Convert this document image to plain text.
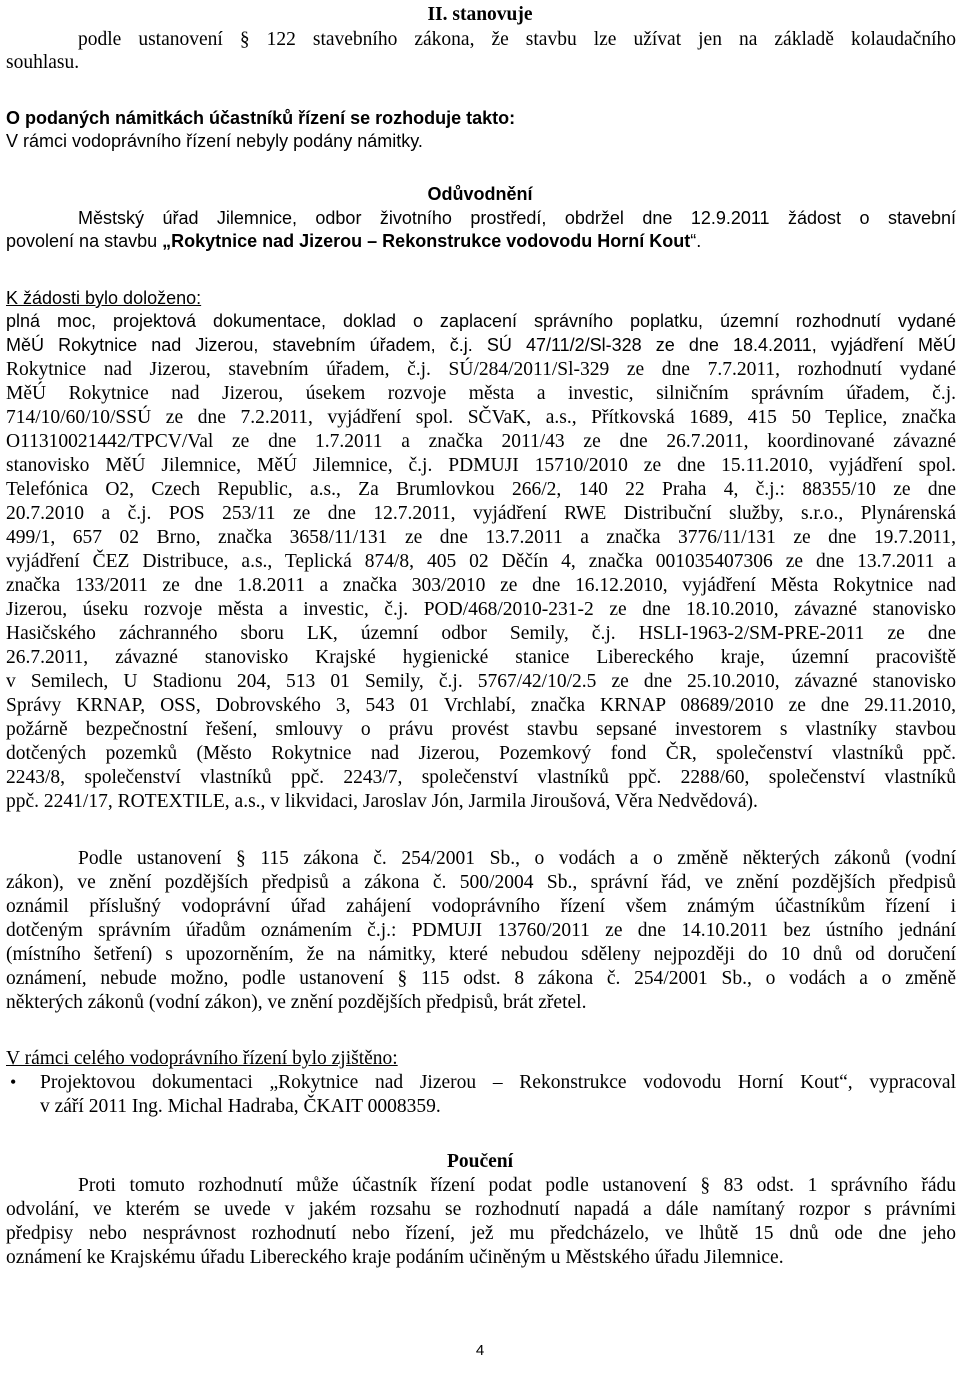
II. stanovuje
podle ustanovení § 122 stavebního zákona, že stavbu lze užívat jen na základě kolaudačního
souhlasu.
O podaných námitkách účastníků řízení se rozhoduje takto:
V rámci vodoprávního řízení nebyly podány námitky.
Odůvodnění
Městský úřad Jilemnice, odbor životního prostředí, obdržel dne 12.9.2011 žádost o stavební
povolení na stavbu „Rokytnice nad Jizerou – Rekonstrukce vodovodu Horní Kout“.
K žádosti bylo doloženo:
plná moc, projektová dokumentace, doklad o zaplacení správního poplatku, územní rozhodnutí vydané
MěÚ Rokytnice nad Jizerou, stavebním úřadem, č.j. SÚ 47/11/2/Sl-328 ze dne 18.4.2011, vyjádření MěÚ
Rokytnice nad Jizerou, stavebním úřadem, č.j. SÚ/284/2011/Sl-329 ze dne 7.7.2011, rozhodnutí vydané
MěÚ Rokytnice nad Jizerou, úsekem rozvoje města a investic, silničním správním úřadem, č.j.
714/10/60/10/SSÚ ze dne 7.2.2011, vyjádření spol. SČVaK, a.s., Přítkovská 1689, 415 50 Teplice, značka
O11310021442/TPCV/Val ze dne 1.7.2011 a značka 2011/43 ze dne 26.7.2011, koordinované závazné
stanovisko MěÚ Jilemnice, MěÚ Jilemnice, č.j. PDMUJI 15710/2010 ze dne 15.11.2010, vyjádření spol.
Telefónica O2, Czech Republic, a.s., Za Brumlovkou 266/2, 140 22 Praha 4, č.j.: 88355/10 ze dne
20.7.2010 a č.j. POS 253/11 ze dne 12.7.2011, vyjádření RWE Distribuční služby, s.r.o., Plynárenská
499/1, 657 02 Brno, značka 3658/11/131 ze dne 13.7.2011 a značka 3776/11/131 ze dne 19.7.2011,
vyjádření ČEZ Distribuce, a.s., Teplická 874/8, 405 02 Děčín 4, značka 001035407306 ze dne 13.7.2011 a
značka 133/2011 ze dne 1.8.2011 a značka 303/2010 ze dne 16.12.2010, vyjádření Města Rokytnice nad
Jizerou, úseku rozvoje města a investic, č.j. POD/468/2010-231-2 ze dne 18.10.2010, závazné stanovisko
Hasičského záchranného sboru LK, územní odbor Semily, č.j. HSLI-1963-2/SM-PRE-2011 ze dne
26.7.2011, závazné stanovisko Krajské hygienické stanice Libereckého kraje, územní pracoviště
v Semilech, U Stadionu 204, 513 01 Semily, č.j. 5767/42/10/2.5 ze dne 25.10.2010, závazné stanovisko
Správy KRNAP, OSS, Dobrovského 3, 543 01 Vrchlabí, značka KRNAP 08689/2010 ze dne 29.11.2010,
požárně bezpečnostní řešení, smlouvy o právu provést stavbu sepsané investorem s vlastníky stavbou
dotčených pozemků (Město Rokytnice nad Jizerou, Pozemkový fond ČR, společenství vlastníků ppč.
2243/8, společenství vlastníků ppč. 2243/7, společenství vlastníků ppč. 2288/60, společenství vlastníků
ppč. 2241/17, ROTEXTILE, a.s., v likvidaci, Jaroslav Jón, Jarmila Jiroušová, Věra Nedvědová).
Podle ustanovení § 115 zákona č. 254/2001 Sb., o vodách a o změně některých zákonů (vodní
zákon), ve znění pozdějších předpisů a zákona č. 500/2004 Sb., správní řád, ve znění pozdějších předpisů
oznámil příslušný vodoprávní úřad zahájení vodoprávního řízení všem známým účastníkům řízení i
dotčeným správním úřadům oznámením č.j.: PDMUJI 13760/2011 ze dne 14.10.2011 bez ústního jednání
(místního šetření) s upozorněním, že na námitky, které nebudou sděleny nejpozději do 10 dnů od doručení
oznámení, nebude možno, podle ustanovení § 115 odst. 8 zákona č. 254/2001 Sb., o vodách a o změně
některých zákonů (vodní zákon), ve znění pozdějších předpisů, brát zřetel.
V rámci celého vodoprávního řízení bylo zjištěno:
• Projektovou dokumentaci „Rokytnice nad Jizerou – Rekonstrukce vodovodu Horní Kout“, vypracoval
v září 2011 Ing. Michal Hadraba, ČKAIT 0008359.
Poučení
Proti tomuto rozhodnutí může účastník řízení podat podle ustanovení § 83 odst. 1 správního řádu
odvolání, ve kterém se uvede v jakém rozsahu se rozhodnutí napadá a dále namítaný rozpor s právními
předpisy nebo nesprávnost rozhodnutí nebo řízení, jež mu předcházelo, ve lhůtě 15 dnů ode dne jeho
oznámení ke Krajskému úřadu Libereckého kraje podáním učiněným u Městského úřadu Jilemnice.
4
